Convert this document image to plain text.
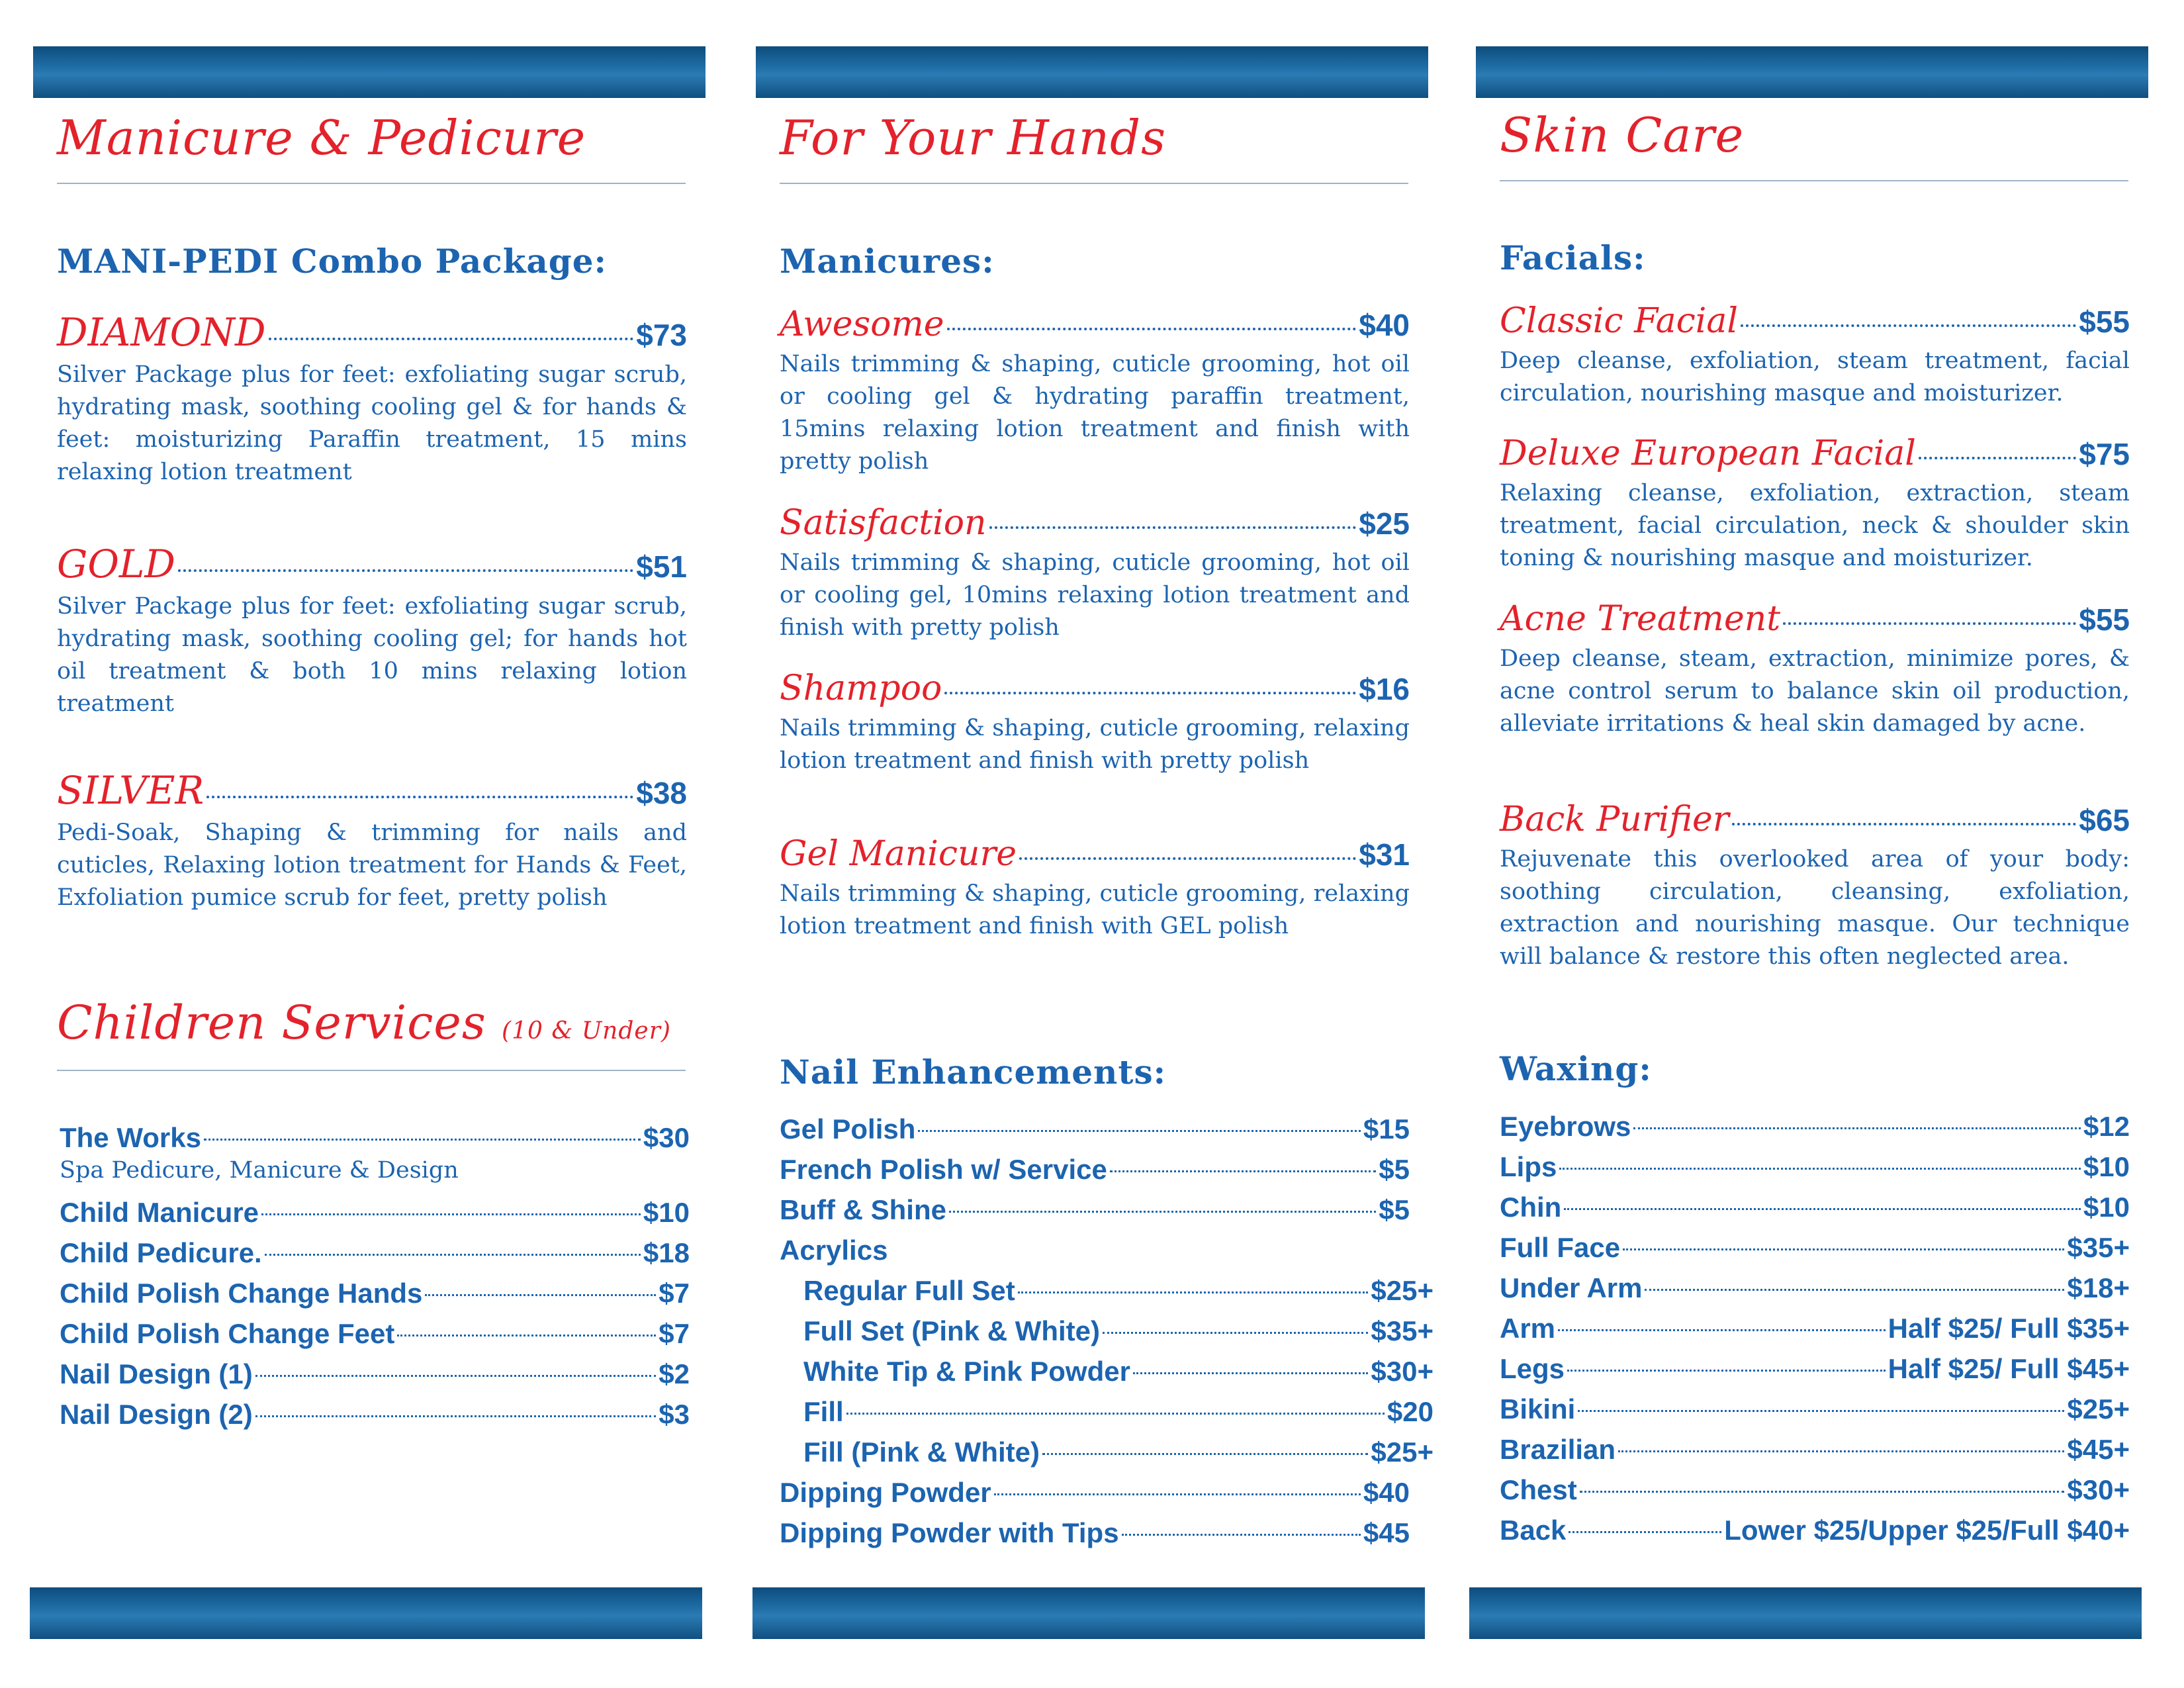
Manicure & Pedicure
MANI-PEDI Combo Package:
DIAMOND	$73

Silver Package plus for feet: exfoliating sugar scrub, hydrating mask, soothing cooling gel & for hands & feet: moisturizing Paraffin treatment, 15 mins relaxing lotion treatment

GOLD	$51

Silver Package plus for feet: exfoliating sugar scrub, hydrating mask, soothing cooling gel; for hands hot oil treatment & both 10 mins relaxing lotion treatment

SILVER	$38

Pedi-Soak, Shaping & trimming for nails and cuticles, Relaxing lotion treatment for Hands & Feet, Exfoliation pumice scrub for feet, pretty polish

Children Services (10 & Under)
The Works	$30
Spa Pedicure, Manicure & Design
Child Manicure	$10
Child Pedicure.	$18
Child Polish Change Hands	$7
Child Polish Change Feet	$7
Nail Design (1)	$2
Nail Design (2)	$3
For Your Hands
Manicures:
Awesome	$40

Nails trimming & shaping, cuticle grooming, hot oil or cooling gel & hydrating paraffin treatment, 15mins relaxing lotion treatment and finish with pretty polish

Satisfaction	$25

Nails trimming & shaping, cuticle grooming, hot oil or cooling gel, 10mins relaxing lotion treatment and finish with pretty polish

Shampoo	$16

Nails trimming & shaping, cuticle grooming, relaxing lotion treatment and finish with pretty polish

Gel Manicure	$31

Nails trimming & shaping, cuticle grooming, relaxing lotion treatment and finish with GEL polish

Nail Enhancements:
Gel Polish	$15
French Polish w/ Service	$5
Buff & Shine	$5
Acrylics
Regular Full Set	$25+
Full Set (Pink & White)	$35+
White Tip & Pink Powder	$30+
Fill	$20
Fill (Pink & White)	$25+
Dipping Powder	$40
Dipping Powder with Tips	$45
Skin Care
Facials:
Classic Facial	$55

Deep cleanse, exfoliation, steam treatment, facial circulation, nourishing masque and moisturizer.

Deluxe European Facial	$75

Relaxing cleanse, exfoliation, extraction, steam treatment, facial circulation, neck & shoulder skin toning & nourishing masque and moisturizer.

Acne Treatment	$55

Deep cleanse, steam, extraction, minimize pores, & acne control serum to balance skin oil production, alleviate irritations & heal skin damaged by acne.

Back Purifier	$65

Rejuvenate this overlooked area of your body: soothing circulation, cleansing, exfoliation, extraction and nourishing masque. Our technique will balance & restore this often neglected area.

Waxing:
Eyebrows	$12
Lips	$10
Chin	$10
Full Face	$35+
Under Arm	$18+
Arm	Half $25/ Full $35+
Legs	Half $25/ Full $45+
Bikini	$25+
Brazilian	$45+
Chest	$30+
Back	Lower $25/Upper $25/Full $40+
